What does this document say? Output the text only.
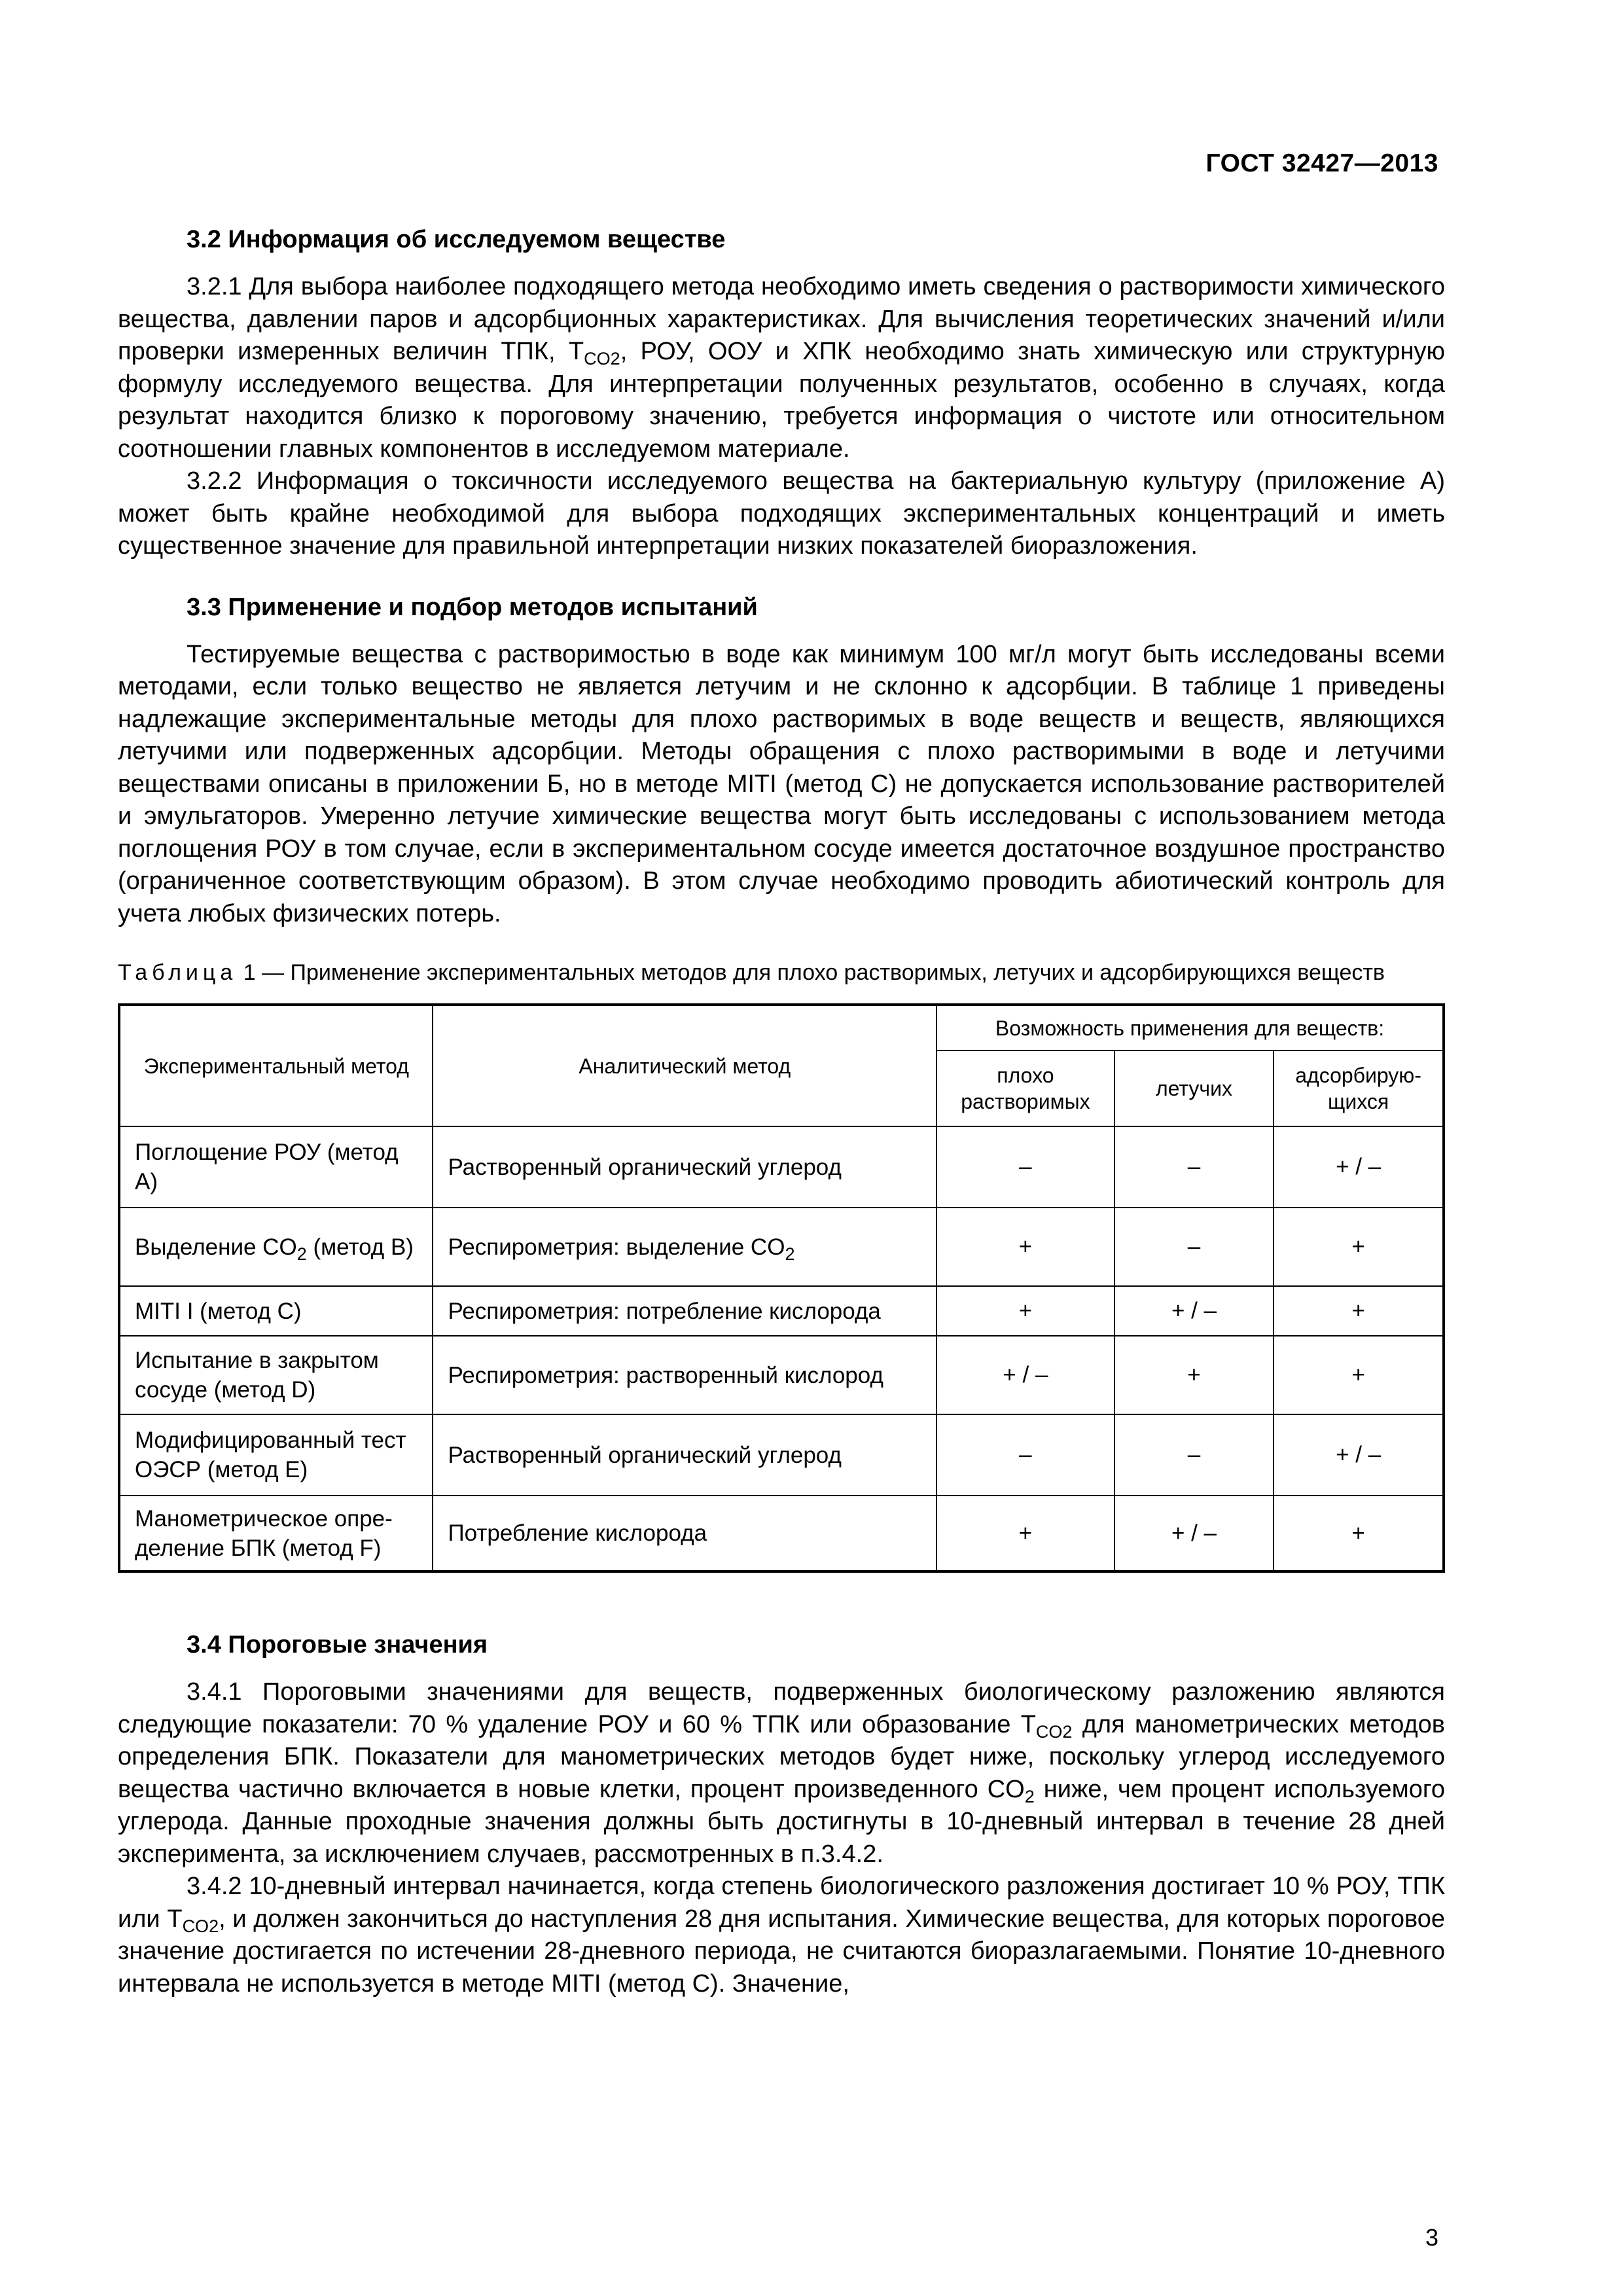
ГОСТ 32427—2013
3.2 Информация об исследуемом веществе

3.2.1 Для выбора наиболее подходящего метода необходимо иметь сведения о растворимости химического вещества, давлении паров и адсорбционных характеристиках. Для вычисления теоретических значений и/или проверки измеренных величин ТПК, $Т_{CO2}$, РОУ, ООУ и ХПК необходимо знать химическую или структурную формулу исследуемого вещества. Для интерпретации полученных результатов, особенно в случаях, когда результат находится близко к пороговому значению, требуется информация о чистоте или относительном соотношении главных компонентов в исследуемом материале.

3.2.2 Информация о токсичности исследуемого вещества на бактериальную культуру (приложение А) может быть крайне необходимой для выбора подходящих экспериментальных концентраций и иметь существенное значение для правильной интерпретации низких показателей биоразложения.

3.3 Применение и подбор методов испытаний

Тестируемые вещества с растворимостью в воде как минимум 100 мг/л могут быть исследованы всеми методами, если только вещество не является летучим и не склонно к адсорбции. В таблице 1 приведены надлежащие экспериментальные методы для плохо растворимых в воде веществ и веществ, являющихся летучими или подверженных адсорбции. Методы обращения с плохо растворимыми в воде и летучими веществами описаны в приложении Б, но в методе MITI (метод С) не допускается использование растворителей и эмульгаторов. Умеренно летучие химические вещества могут быть исследованы с использованием метода поглощения РОУ в том случае, если в экспериментальном сосуде имеется достаточное воздушное пространство (ограниченное соответствующим образом). В этом случае необходимо проводить абиотический контроль для учета любых физических потерь.

Таблица 1 — Применение экспериментальных методов для плохо растворимых, летучих и адсорбирующихся веществ
Экспериментальный метод	Аналитический метод	Возможность применения для веществ:		
		плохо растворимых	летучих	адсорбирующихся
Поглощение РОУ (метод А)	Растворенный органический углерод	–	–	+ / –
Выделение $CO_2$ (метод В)	Респирометрия: выделение $CO_2$	+	–	+
MITI I (метод C)	Респирометрия: потребление кислорода	+	+ / –	+
Испытание в закрытом сосуде (метод D)	Респирометрия: растворенный кислород	+ / –	+	+
Модифицированный тест ОЭСР (метод Е)	Растворенный органический углерод	–	–	+ / –
Манометрическое определение БПК (метод F)	Потребление кислорода	+	+ / –	+
3.4 Пороговые значения

3.4.1 Пороговыми значениями для веществ, подверженных биологическому разложению являются следующие показатели: 70 % удаление РОУ и 60 % ТПК или образование $Т_{CO2}$ для манометрических методов определения БПК. Показатели для манометрических методов будет ниже, поскольку углерод исследуемого вещества частично включается в новые клетки, процент произведенного $CO_2$ ниже, чем процент используемого углерода. Данные проходные значения должны быть достигнуты в 10-дневный интервал в течение 28 дней эксперимента, за исключением случаев, рассмотренных в п.3.4.2.

3.4.2 10-дневный интервал начинается, когда степень биологического разложения достигает 10 % РОУ, ТПК или $Т_{CO2}$, и должен закончиться до наступления 28 дня испытания. Химические вещества, для которых пороговое значение достигается по истечении 28-дневного периода, не считаются биоразлагаемыми. Понятие 10-дневного интервала не используется в методе MITI (метод С). Значение,

3
